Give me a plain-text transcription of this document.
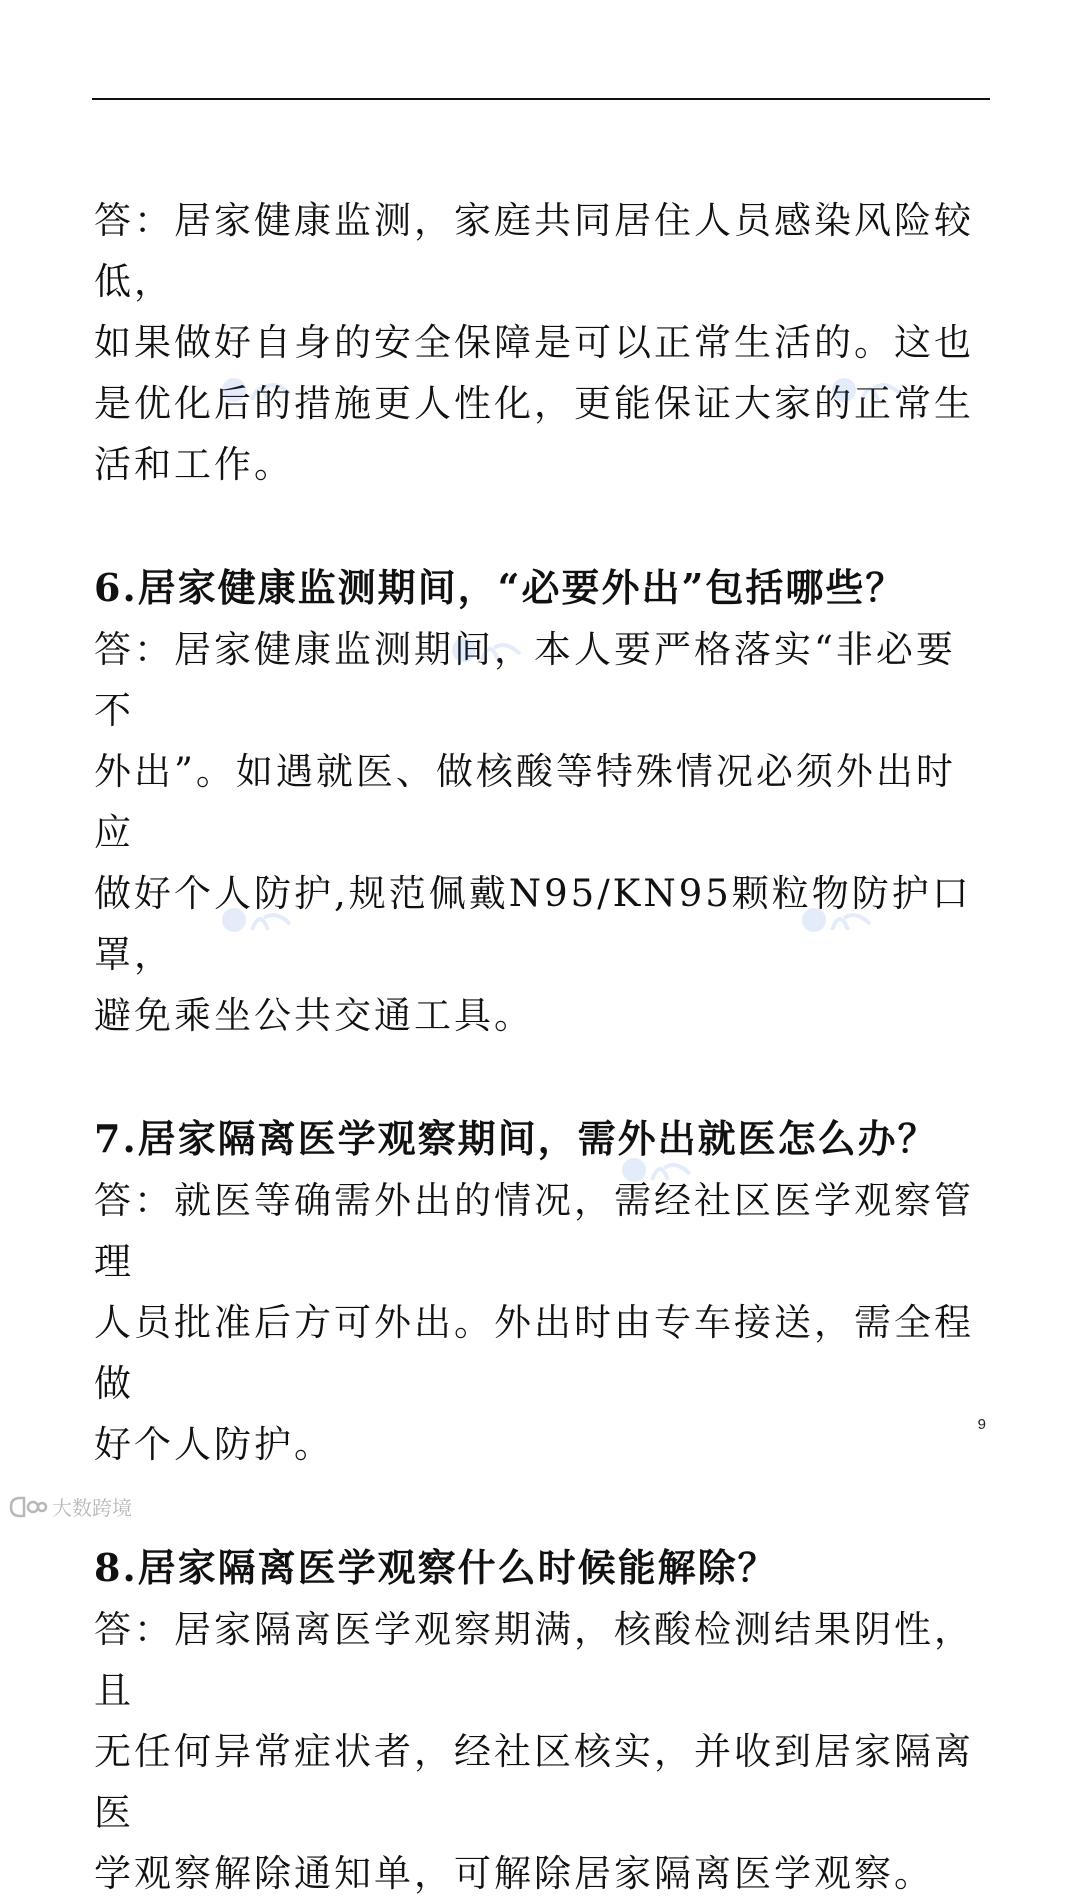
答：居家健康监测，家庭共同居住人员感染风险较低，
如果做好自身的安全保障是可以正常生活的。这也
是优化后的措施更人性化，更能保证大家的正常生
活和工作。

6.居家健康监测期间，“必要外出”包括哪些？

答：居家健康监测期间，本人要严格落实“非必要不
外出”。如遇就医、做核酸等特殊情况必须外出时应
做好个人防护,规范佩戴N95/KN95颗粒物防护口罩，
避免乘坐公共交通工具。

7.居家隔离医学观察期间，需外出就医怎么办？

答：就医等确需外出的情况，需经社区医学观察管理
人员批准后方可外出。外出时由专车接送，需全程做
好个人防护。

8.居家隔离医学观察什么时候能解除？

答：居家隔离医学观察期满，核酸检测结果阴性，且
无任何异常症状者，经社区核实，并收到居家隔离医
学观察解除通知单，可解除居家隔离医学观察。

9
大数跨境
